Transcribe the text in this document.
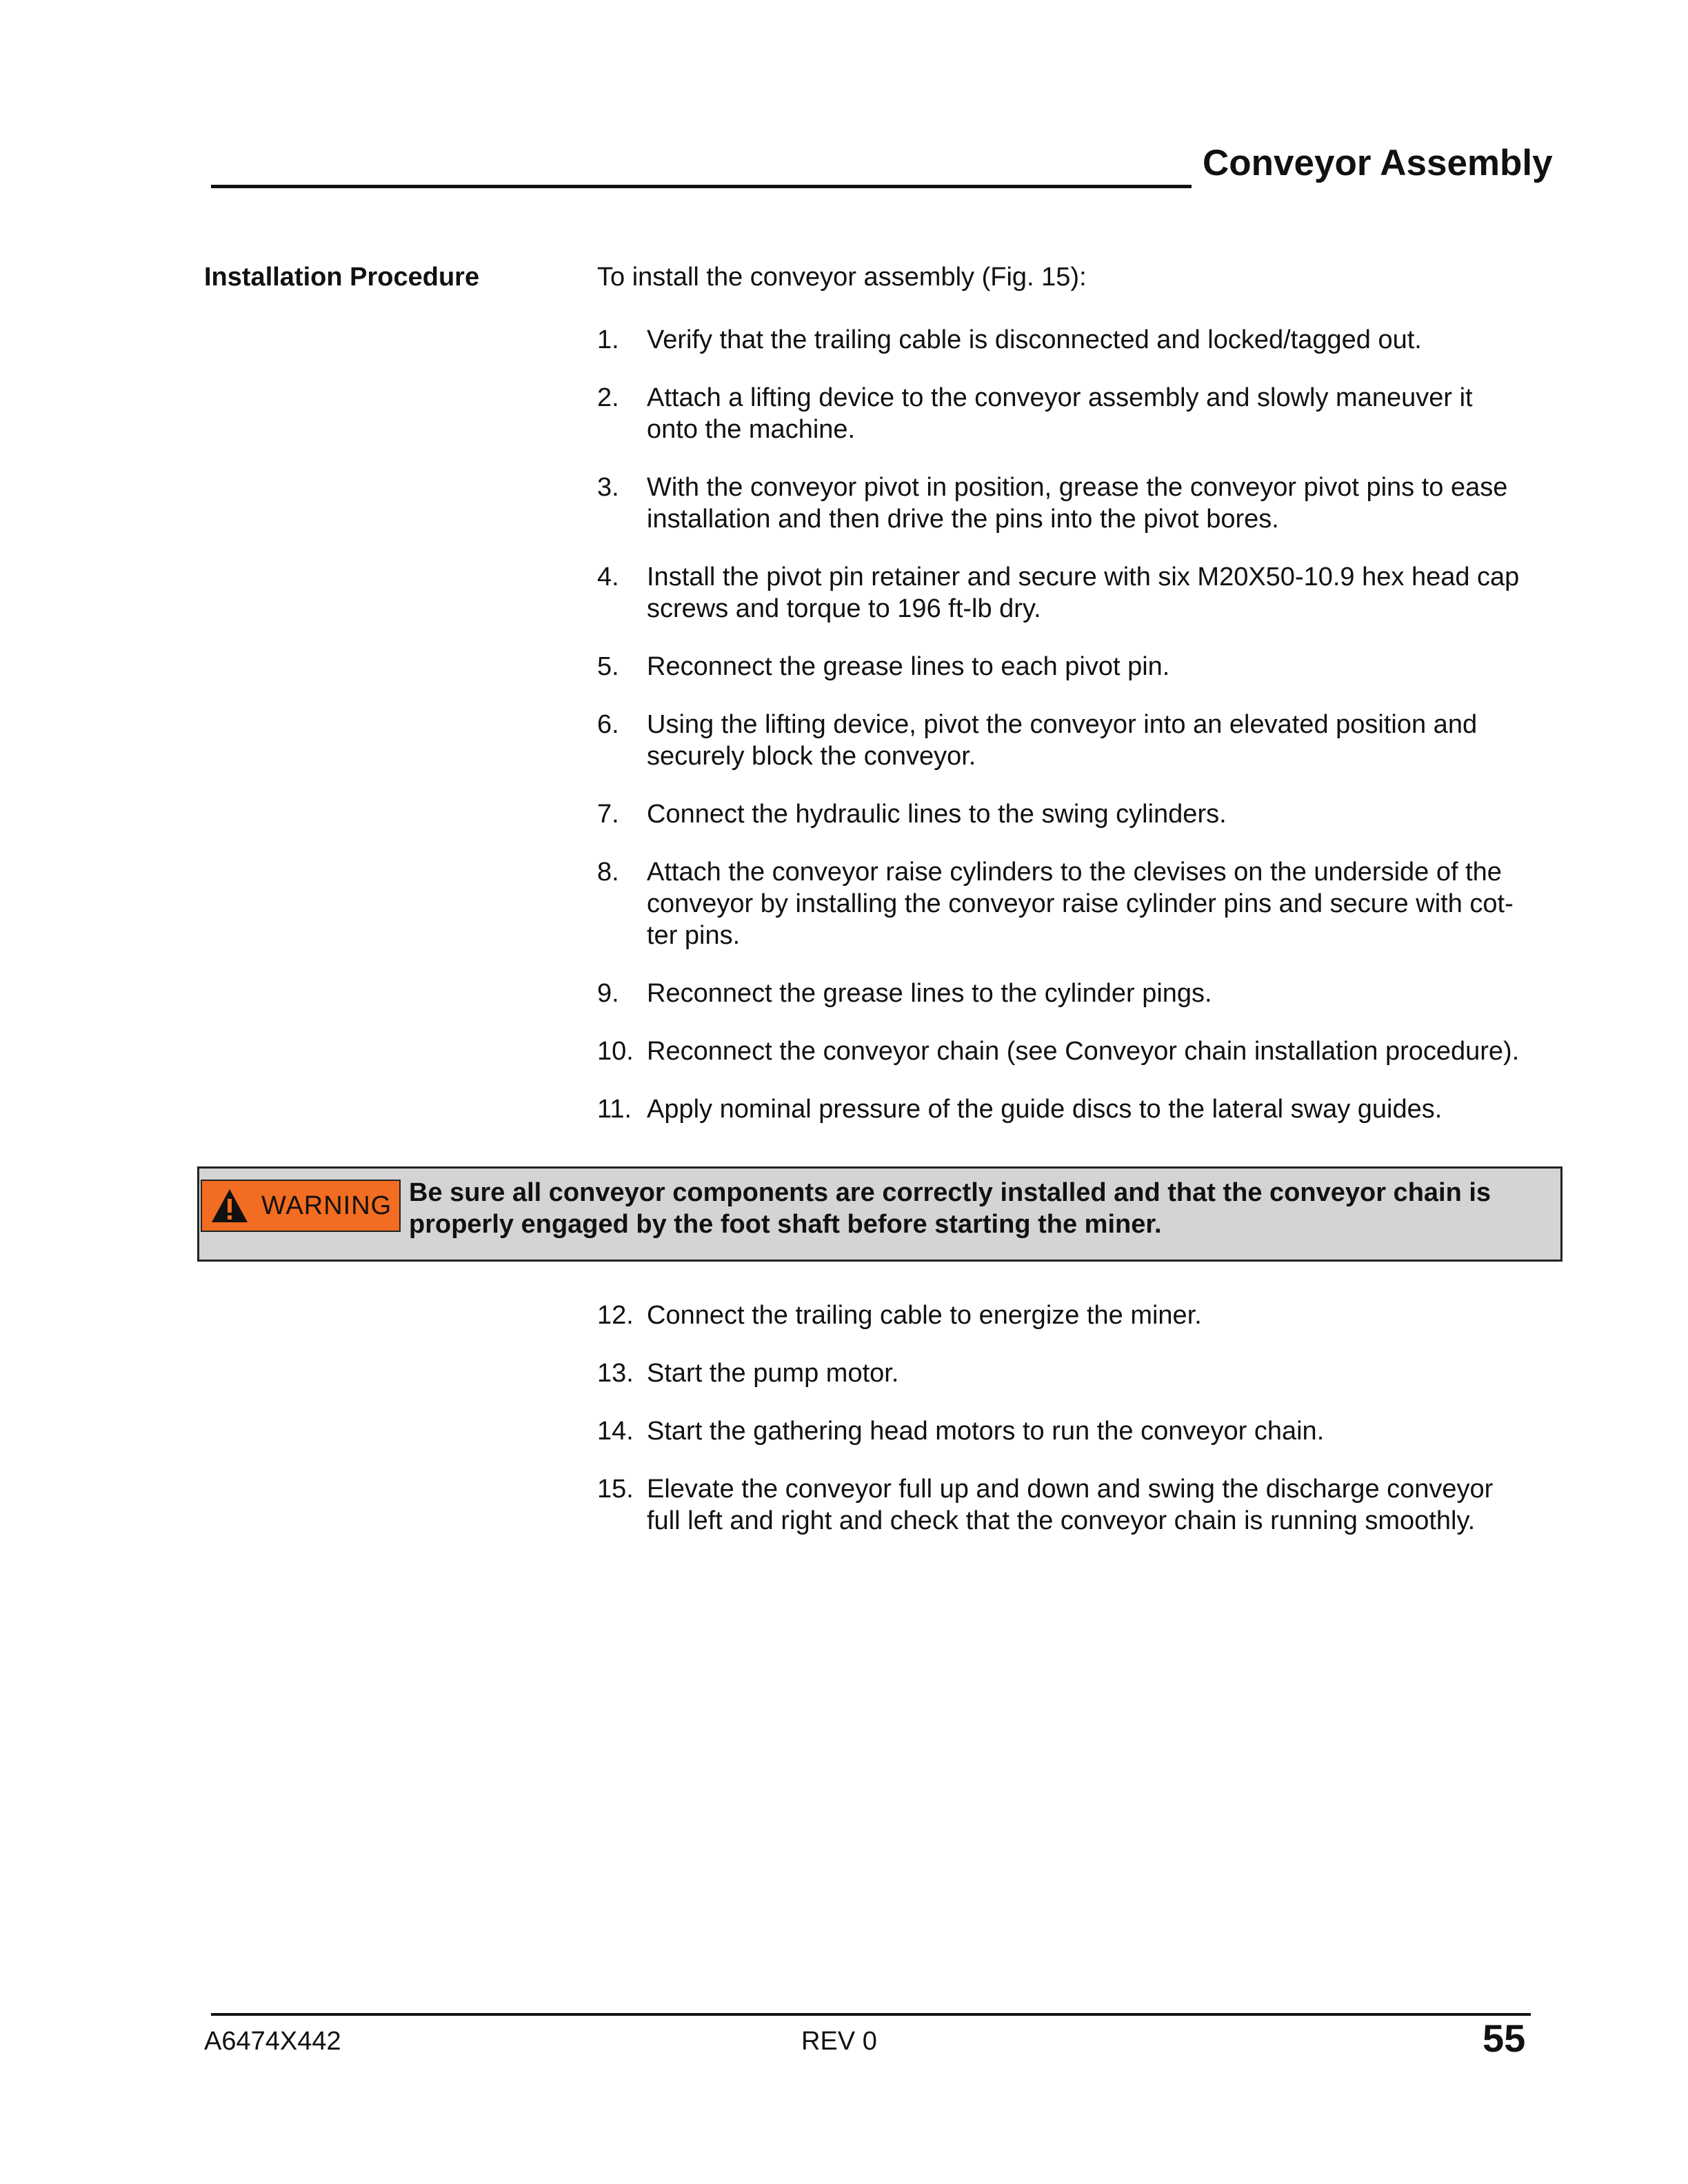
Conveyor Assembly
Installation Procedure	To install the conveyor assembly (Fig. 15):
1. Verify that the trailing cable is disconnected and locked/tagged out.
2. Attach a lifting device to the conveyor assembly and slowly maneuver it
onto the machine.
3. With the conveyor pivot in position, grease the conveyor pivot pins to ease
installation and then drive the pins into the pivot bores.
4. Install the pivot pin retainer and secure with six M20X50-10.9 hex head cap
screws and torque to 196 ft-lb dry.
5. Reconnect the grease lines to each pivot pin.
6. Using the lifting device, pivot the conveyor into an elevated position and
securely block the conveyor.
7. Connect the hydraulic lines to the swing cylinders.
8. Attach the conveyor raise cylinders to the clevises on the underside of the
conveyor by installing the conveyor raise cylinder pins and secure with cot-
ter pins.
9. Reconnect the grease lines to the cylinder pings.
10. Reconnect the conveyor chain (see Conveyor chain installation procedure).
11. Apply nominal pressure of the guide discs to the lateral sway guides.
WARNING Be sure all conveyor components are correctly installed and that the conveyor chain is
properly engaged by the foot shaft before starting the miner.
12. Connect the trailing cable to energize the miner.
13. Start the pump motor.
14. Start the gathering head motors to run the conveyor chain.
15. Elevate the conveyor full up and down and swing the discharge conveyor
full left and right and check that the conveyor chain is running smoothly.
A6474X442	REV 0	55
